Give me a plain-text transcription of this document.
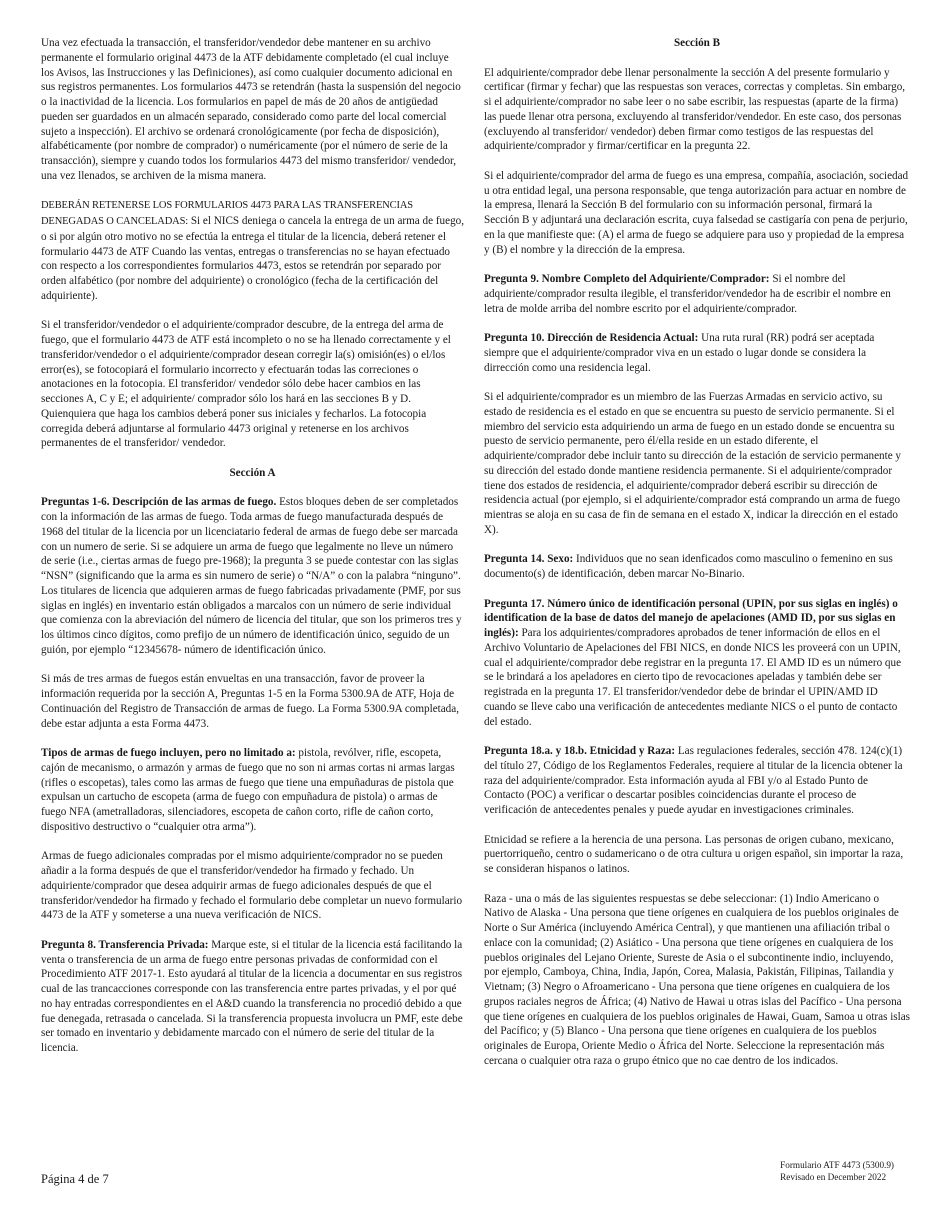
Una vez efectuada la transacción, el transferidor/vendedor debe mantener en su archivo permanente el formulario original 4473 de la ATF debidamente completado (el cual incluye los Avisos, las Instrucciones y las Definiciones), así como cualquier documento adicional en sus registros permanentes. Los formularios 4473 se retendrán (hasta la suspensión del negocio o la inactividad de la licencia. Los formularios en papel de más de 20 años de antigüedad pueden ser guardados en un almacén separado, considerado como parte del local comercial sujeto a inspección). El archivo se ordenará cronológicamente (por fecha de disposición), alfabéticamente (por nombre de comprador) o numéricamente (por el número de serie de la transacción), siempre y cuando todos los formularios 4473 del mismo transferidor/ vendedor, una vez llenados, se archiven de la misma manera.

DEBERÁN RETENERSE LOS FORMULARIOS 4473 PARA LAS TRANSFERENCIAS DENEGADAS O CANCELADAS: Si el NICS deniega o cancela la entrega de un arma de fuego, o si por algún otro motivo no se efectúa la entrega el titular de la licencia, deberá retener el formulario 4473 de ATF Cuando las ventas, entregas o transferencias no se hayan efectuado con respecto a los correspondientes formularios 4473, estos se retendrán por separado por orden alfabético (por nombre del adquiriente) o cronológico (fecha de la certificación del adquiriente).

Si el transferidor/vendedor o el adquiriente/comprador descubre, de la entrega del arma de fuego, que el formulario 4473 de ATF está incompleto o no se ha llenado correctamente y el transferidor/vendedor o el adquiriente/comprador desean corregir la(s) omisión(es) o el/los error(es), se fotocopiará el formulario incorrecto y efectuarán todas las correciones o anotaciones en la fotocopia. El transferidor/ vendedor sólo debe hacer cambios en las secciones A, C y E; el adquiriente/ comprador sólo los hará en las secciones B y D. Quienquiera que haga los cambios deberá poner sus iniciales y fecharlos. La fotocopia corregida deberá adjuntarse al formulario 4473 original y retenerse en los archivos permanentes de el transferidor/ vendedor.

Sección A

Preguntas 1-6. Descripción de las armas de fuego. Estos bloques deben de ser completados con la información de las armas de fuego. Toda armas de fuego manufacturada después de 1968 del titular de la licencia por un licenciatario federal de armas de fuego debe ser marcada con un numero de serie. Si se adquiere un arma de fuego que legalmente no lleve un número de serie (i.e., ciertas armas de fuego pre-1968); la pregunta 3 se puede contestar con las siglas “NSN” (significando que la arma es sin numero de serie) o “N/A” o con la palabra “ninguno”. Los titulares de licencia que adquieren armas de fuego fabricadas privadamente (PMF, por sus siglas en inglés) en inventario están obligados a marcalos con un número de serie individual que comienza con la abreviación del número de licencia del titular, que son los primeros tres y los últimos cinco dígitos, como prefijo de un número de identificación único, seguido de un guión, por ejemplo “12345678- número de identificación único.

Si más de tres armas de fuegos están envueltas en una transacción, favor de proveer la información requerida por la sección A, Preguntas 1-5 en la Forma 5300.9A de ATF, Hoja de Continuación del Registro de Transacción de armas de fuego. La Forma 5300.9A completada, debe estar adjunta a esta Forma 4473.

Tipos de armas de fuego incluyen, pero no limitado a: pistola, revólver, rifle, escopeta, cajón de mecanismo, o armazón y armas de fuego que no son ni armas cortas ni armas largas (rifles o escopetas), tales como las armas de fuego que tiene una empuñaduras de pistola que expulsan un cartucho de escopeta (arma de fuego con empuñadura de pistola) o armas de fuego NFA (ametralladoras, silenciadores, escopeta de cañon corto, rifle de cañon corto, dispositivo destructivo o “cualquier otra arma”).

Armas de fuego adicionales compradas por el mismo adquiriente/comprador no se pueden añadir a la forma después de que el transferidor/vendedor ha firmado y fechado. Un adquiriente/comprador que desea adquirir armas de fuego adicionales después de que el transferidor/vendedor ha firmado y fechado el formulario debe completar un nuevo formulario 4473 de la ATF y someterse a una nueva verificación de NICS.

Pregunta 8. Transferencia Privada: Marque este, si el titular de la licencia está facilitando la venta o transferencia de un arma de fuego entre personas privadas de conformidad con el Procedimiento ATF 2017-1. Esto ayudará al titular de la licencia a documentar en sus registros cual de las trancacciones corresponde con las transferencia entre partes privadas, y el por qué no hay entradas correspondientes en el A&D cuando la transferencia no procedió debido a que fue denegada, retrasada o cancelada. Si la transferencia propuesta involucra un PMF, este debe ser tomado en inventario y debidamente marcado con el número de serie del titular de la licencia.

Sección B

El adquiriente/comprador debe llenar personalmente la sección A del presente formulario y certificar (firmar y fechar) que las respuestas son veraces, correctas y completas. Sin embargo, si el adquiriente/comprador no sabe leer o no sabe escribir, las respuestas (aparte de la firma) las puede llenar otra persona, excluyendo al transferidor/vendedor. En este caso, dos personas (excluyendo al transferidor/ vendedor) deben firmar como testigos de las respuestas del adquiriente/comprador y firmar/certificar en la pregunta 22.

Si el adquiriente/comprador del arma de fuego es una empresa, compañía, asociación, sociedad u otra entidad legal, una persona responsable, que tenga autorización para actuar en nombre de la empresa, llenará la Sección B del formulario con su información personal, firmará la Sección B y adjuntará una declaración escrita, cuya falsedad se castigaría con pena de perjurio, en la que manifieste que: (A) el arma de fuego se adquiere para uso y propiedad de la empresa y (B) el nombre y la dirección de la empresa.

Pregunta 9. Nombre Completo del Adquiriente/Comprador: Si el nombre del adquiriente/comprador resulta ilegible, el transferidor/vendedor ha de escribir el nombre en letra de molde arriba del nombre escrito por el adquiriente/comprador.

Pregunta 10. Dirección de Residencia Actual: Una ruta rural (RR) podrá ser aceptada siempre que el adquiriente/comprador viva en un estado o lugar donde se considera la dirrección como una residencia legal.

Si el adquiriente/comprador es un miembro de las Fuerzas Armadas en servicio activo, su estado de residencia es el estado en que se encuentra su puesto de servicio permanente. Si el miembro del servicio esta adquiriendo un arma de fuego en un estado donde se encuentra su puesto de servicio permanente, pero él/ella reside en un estado diferente, el adquiriente/comprador debe incluir tanto su dirección de la estación de servicio permanente y su dirección del estado donde mantiene residencia permanente. Si el adquiriente/comprador tiene dos estados de residencia, el adquiriente/comprador deberá escribir su dirección de residencia actual (por ejemplo, si el adquiriente/comprador está comprando un arma de fuego mientras se aloja en su casa de fin de semana en el estado X, indicar la dirección en el estado X).

Pregunta 14. Sexo: Individuos que no sean idenficados como masculino o femenino en sus documento(s) de identificación, deben marcar No-Binario.

Pregunta 17. Número único de identificación personal (UPIN, por sus siglas en inglés) o identification de la base de datos del manejo de apelaciones (AMD ID, por sus siglas en inglés): Para los adquirientes/compradores aprobados de tener información de ellos en el Archivo Voluntario de Apelaciones del FBI NICS, en donde NICS les proveerá con un UPIN, cual el adquiriente/comprador debe registrar en la pregunta 17. El AMD ID es un número que se le brindará a los apeladores en cierto tipo de revocaciones apeladas y también debe ser registrada en la pregunta 17. El transferidor/vendedor debe de brindar el UPIN/AMD ID cuando se lleve cabo una verificación de antecedentes mediante NICS o el punto de contacto del estado.

Pregunta 18.a. y 18.b. Etnicidad y Raza: Las regulaciones federales, sección 478. 124(c)(1) del título 27, Código de los Reglamentos Federales, requiere al titular de la licencia obtener la raza del adquiriente/comprador. Esta información ayuda al FBI y/o al Estado Punto de Contacto (POC) a verificar o descartar posibles coincidencias durante el proceso de verificación de antecedentes penales y puede ayudar en investigaciones criminales.

Etnicidad se refiere a la herencia de una persona. Las personas de origen cubano, mexicano, puertorriqueño, centro o sudamericano o de otra cultura u origen español, sin importar la raza, se consideran hispanos o latinos.

Raza - una o más de las siguientes respuestas se debe seleccionar: (1) Indio Americano o Nativo de Alaska - Una persona que tiene orígenes en cualquiera de los pueblos originales de Norte o Sur América (incluyendo América Central), y que mantienen una afiliación tribal o enlace con la comunidad; (2) Asiático - Una persona que tiene orígenes en cualquiera de los pueblos originales del Lejano Oriente, Sureste de Asia o el subcontinente indio, incluyendo, por ejemplo, Camboya, China, India, Japón, Corea, Malasia, Pakistán, Filipinas, Tailandia y Vietnam; (3) Negro o Afroamericano - Una persona que tiene orígenes en cualquiera de los grupos raciales negros de África; (4) Nativo de Hawai u otras islas del Pacífico - Una persona que tiene orígenes en cualquiera de los pueblos originales de Hawai, Guam, Samoa u otras islas del Pacífico; y (5) Blanco - Una persona que tiene orígenes en cualquiera de los pueblos originales de Europa, Oriente Medio o África del Norte. Seleccione la representación más cercana o cualquier otra raza o grupo étnico que no cae dentro de los indicados.

Página 4 de 7
Formulario ATF 4473 (5300.9)
Revisado en December 2022
